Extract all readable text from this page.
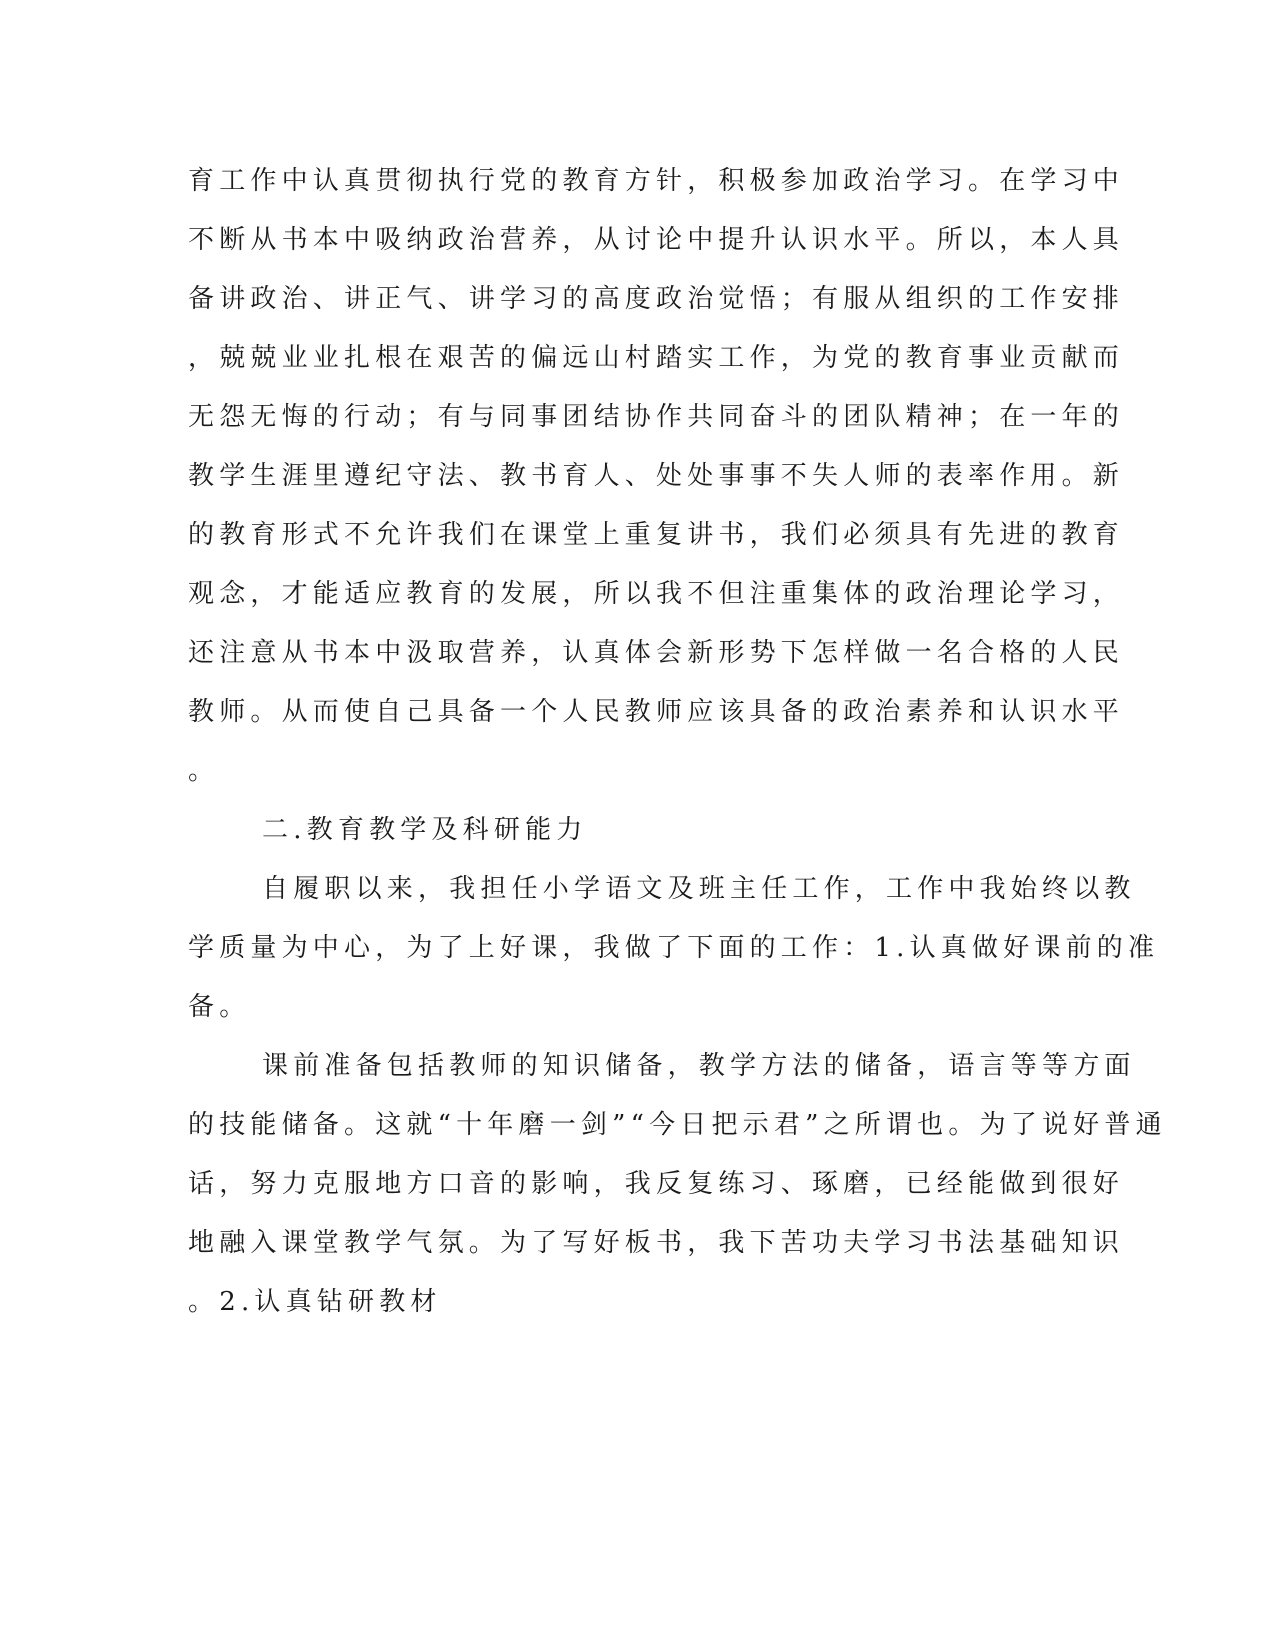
育工作中认真贯彻执行党的教育方针，积极参加政治学习。在学习中
不断从书本中吸纳政治营养，从讨论中提升认识水平。所以，本人具
备讲政治、讲正气、讲学习的高度政治觉悟；有服从组织的工作安排
，兢兢业业扎根在艰苦的偏远山村踏实工作，为党的教育事业贡献而
无怨无悔的行动；有与同事团结协作共同奋斗的团队精神；在一年的
教学生涯里遵纪守法、教书育人、处处事事不失人师的表率作用。新
的教育形式不允许我们在课堂上重复讲书，我们必须具有先进的教育
观念，才能适应教育的发展，所以我不但注重集体的政治理论学习，
还注意从书本中汲取营养，认真体会新形势下怎样做一名合格的人民
教师。从而使自己具备一个人民教师应该具备的政治素养和认识水平
。
二.教育教学及科研能力
自履职以来，我担任小学语文及班主任工作，工作中我始终以教
学质量为中心，为了上好课，我做了下面的工作：1.认真做好课前的准
备。
课前准备包括教师的知识储备，教学方法的储备，语言等等方面
的技能储备。这就“十年磨一剑”“今日把示君”之所谓也。为了说好普通
话，努力克服地方口音的影响，我反复练习、琢磨，已经能做到很好
地融入课堂教学气氛。为了写好板书，我下苦功夫学习书法基础知识
。2.认真钻研教材
